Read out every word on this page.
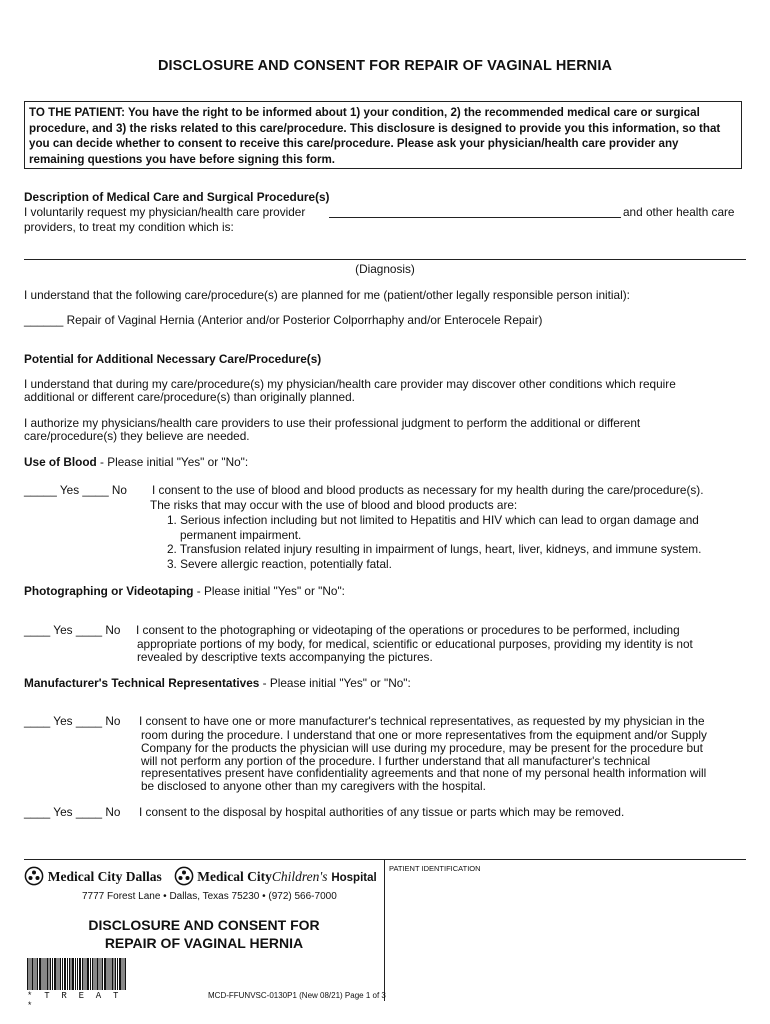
DISCLOSURE AND CONSENT FOR REPAIR OF VAGINAL HERNIA
TO THE PATIENT: You have the right to be informed about 1) your condition, 2) the recommended medical care or surgical procedure, and 3) the risks related to this care/procedure. This disclosure is designed to provide you this information, so that you can decide whether to consent to receive this care/procedure. Please ask your physician/health care provider any remaining questions you have before signing this form.
Description of Medical Care and Surgical Procedure(s)
I voluntarily request my physician/health care provider	and other health care
providers, to treat my condition which is:
(Diagnosis)
I understand that the following care/procedure(s) are planned for me (patient/other legally responsible person initial):
______ Repair of Vaginal Hernia (Anterior and/or Posterior Colporrhaphy and/or Enterocele Repair)
Potential for Additional Necessary Care/Procedure(s)
I understand that during my care/procedure(s) my physician/health care provider may discover other conditions which require
additional or different care/procedure(s) than originally planned.
I authorize my physicians/health care providers to use their professional judgment to perform the additional or different
care/procedure(s) they believe are needed.
Use of Blood - Please initial "Yes" or "No":
_____ Yes ____ No I consent to the use of blood and blood products as necessary for my health during the care/procedure(s).
The risks that may occur with the use of blood and blood products are:
1. Serious infection including but not limited to Hepatitis and HIV which can lead to organ damage and
permanent impairment.
2. Transfusion related injury resulting in impairment of lungs, heart, liver, kidneys, and immune system.
3. Severe allergic reaction, potentially fatal.
Photographing or Videotaping - Please initial "Yes" or "No":
____ Yes ____ No I consent to the photographing or videotaping of the operations or procedures to be performed, including
appropriate portions of my body, for medical, scientific or educational purposes, providing my identity is not
revealed by descriptive texts accompanying the pictures.
Manufacturer's Technical Representatives - Please initial "Yes" or "No":
____ Yes ____ No I consent to have one or more manufacturer's technical representatives, as requested by my physician in the
room during the procedure. I understand that one or more representatives from the equipment and/or Supply
Company for the products the physician will use during my procedure, may be present for the procedure but
will not perform any portion of the procedure. I further understand that all manufacturer's technical
representatives present have confidentiality agreements and that none of my personal health information will
be disclosed to anyone other than my caregivers with the hospital.
____ Yes ____ No I consent to the disposal by hospital authorities of any tissue or parts which may be removed.
PATIENT IDENTIFICATION
Medical City Dallas	Medical CityChildren's Hospital
7777 Forest Lane • Dallas, Texas 75230 • (972) 566-7000
DISCLOSURE AND CONSENT FOR
REPAIR OF VAGINAL HERNIA
* T R E A T *
MCD-FFUNVSC-0130P1 (New 08/21) Page 1 of 3
